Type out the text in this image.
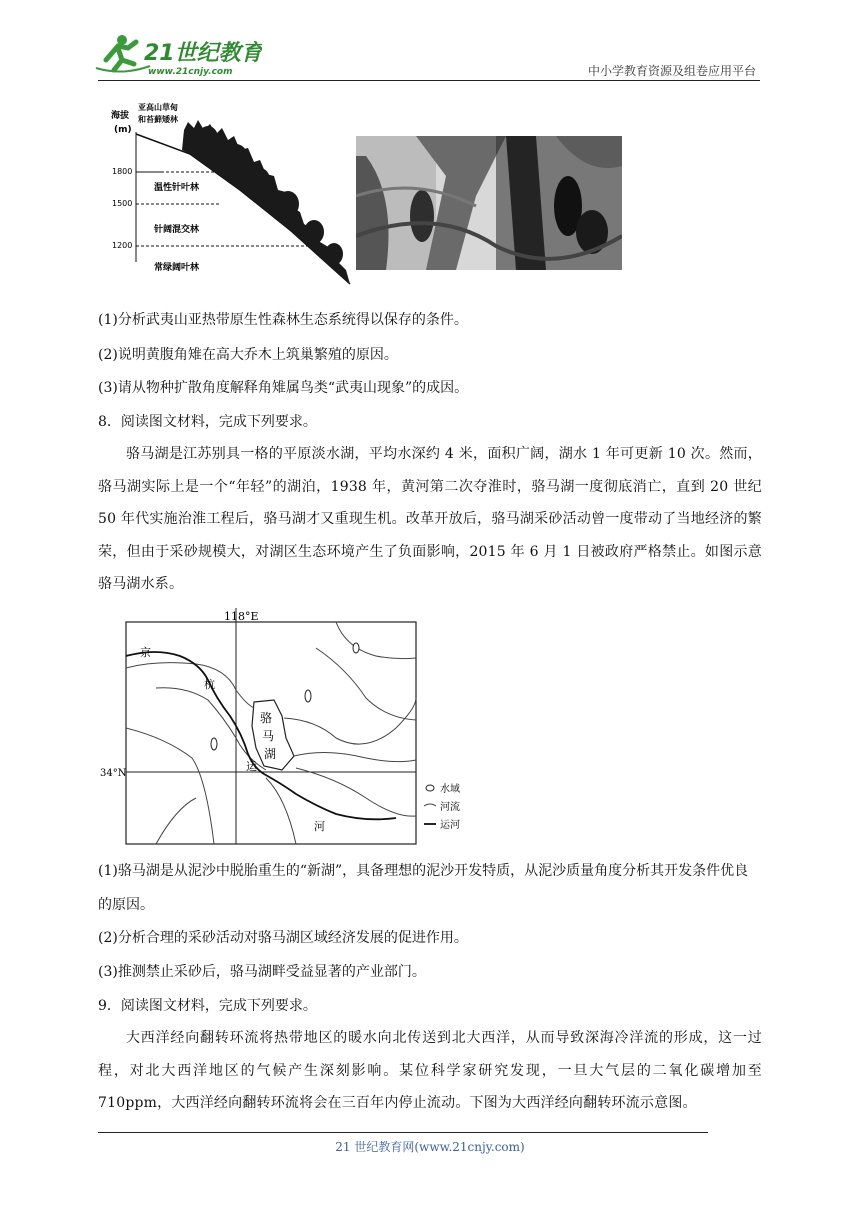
21世纪教育
www.21cnjy.com	中小学教育资源及组卷应用平台
海拔
(m)
亚高山草甸
和苔藓矮林
1800
1500
1200
温性针叶林
针阔混交林
常绿阔叶林
(1)分析武夷山亚热带原生性森林生态系统得以保存的条件。
(2)说明黄腹角雉在高大乔木上筑巢繁殖的原因。
(3)请从物种扩散角度解释角雉属鸟类“武夷山现象”的成因。
8．阅读图文材料，完成下列要求。
骆马湖是江苏别具一格的平原淡水湖，平均水深约 4 米，面积广阔，湖水 1 年可更新 10 次。然而，骆马湖实际上是一个“年轻”的湖泊，1938 年，黄河第二次夺淮时，骆马湖一度彻底消亡，直到 20 世纪 50 年代实施治淮工程后，骆马湖才又重现生机。改革开放后，骆马湖采砂活动曾一度带动了当地经济的繁荣，但由于采砂规模大，对湖区生态环境产生了负面影响，2015 年 6 月 1 日被政府严格禁止。如图示意骆马湖水系。
118°E
34°N
骆
马
湖
京
杭
运
河
水域
河流
运河
(1)骆马湖是从泥沙中脱胎重生的“新湖”，具备理想的泥沙开发特质，从泥沙质量角度分析其开发条件优良的原因。
(2)分析合理的采砂活动对骆马湖区域经济发展的促进作用。
(3)推测禁止采砂后，骆马湖畔受益显著的产业部门。
9．阅读图文材料，完成下列要求。
大西洋经向翻转环流将热带地区的暖水向北传送到北大西洋，从而导致深海冷洋流的形成，这一过程，对北大西洋地区的气候产生深刻影响。某位科学家研究发现，一旦大气层的二氧化碳增加至 710ppm，大西洋经向翻转环流将会在三百年内停止流动。下图为大西洋经向翻转环流示意图。
21 世纪教育网(www.21cnjy.com)
